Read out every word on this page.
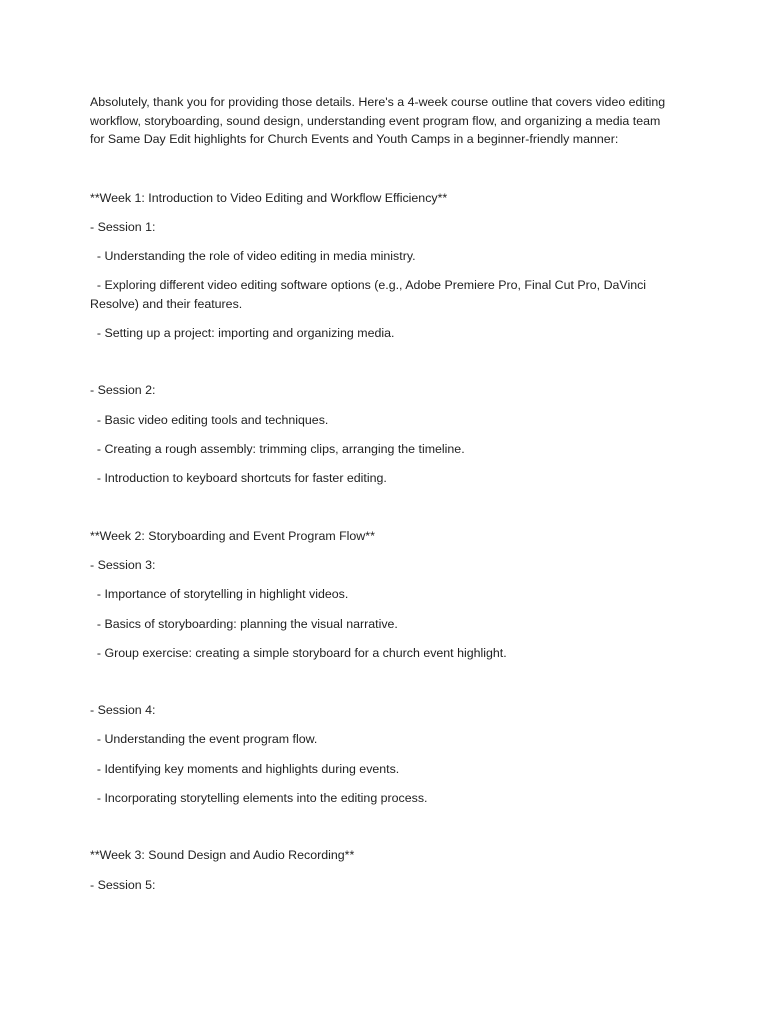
Absolutely, thank you for providing those details. Here's a 4-week course outline that covers video editing workflow, storyboarding, sound design, understanding event program flow, and organizing a media team for Same Day Edit highlights for Church Events and Youth Camps in a beginner-friendly manner:

**Week 1: Introduction to Video Editing and Workflow Efficiency**

- Session 1:

- Understanding the role of video editing in media ministry.

- Exploring different video editing software options (e.g., Adobe Premiere Pro, Final Cut Pro, DaVinci Resolve) and their features.

- Setting up a project: importing and organizing media.

- Session 2:

- Basic video editing tools and techniques.

- Creating a rough assembly: trimming clips, arranging the timeline.

- Introduction to keyboard shortcuts for faster editing.

**Week 2: Storyboarding and Event Program Flow**

- Session 3:

- Importance of storytelling in highlight videos.

- Basics of storyboarding: planning the visual narrative.

- Group exercise: creating a simple storyboard for a church event highlight.

- Session 4:

- Understanding the event program flow.

- Identifying key moments and highlights during events.

- Incorporating storytelling elements into the editing process.

**Week 3: Sound Design and Audio Recording**

- Session 5:
